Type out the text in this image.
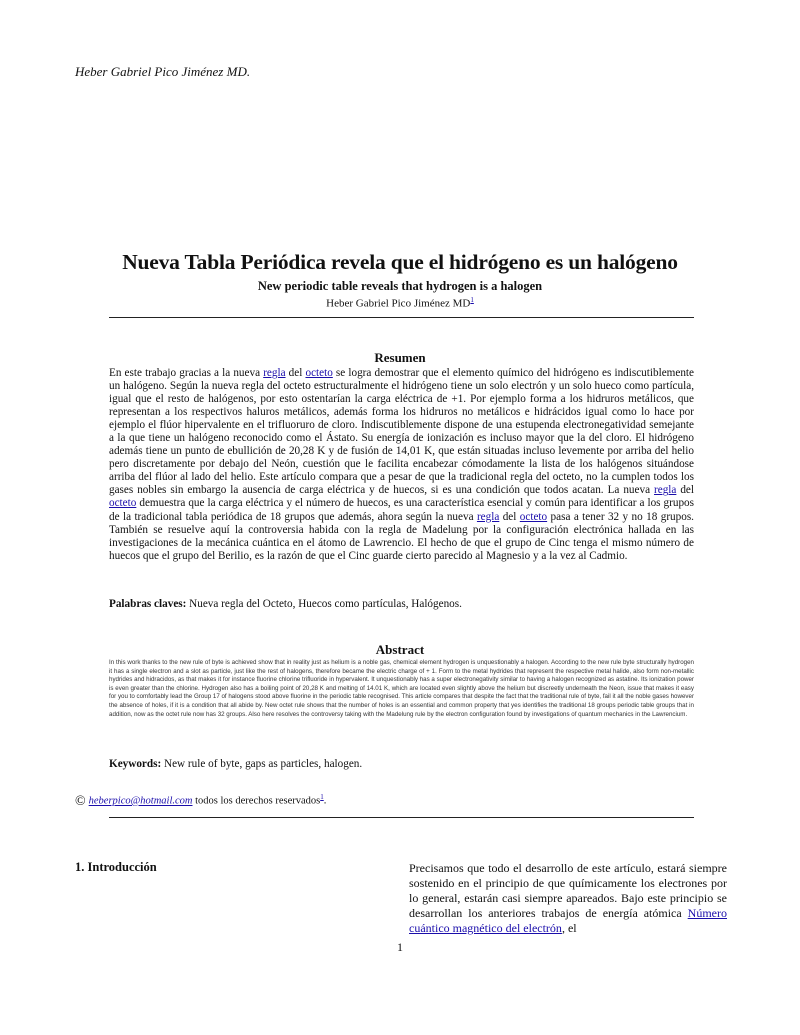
Heber Gabriel Pico Jiménez MD.
Nueva Tabla Periódica revela que el hidrógeno es un halógeno
New periodic table reveals that hydrogen is a halogen
Heber Gabriel Pico Jiménez $MD^1$
Resumen

En este trabajo gracias a la nueva regla del octeto se logra demostrar que el elemento químico del hidrógeno es indiscutiblemente un halógeno. Según la nueva regla del octeto estructuralmente el hidrógeno tiene un solo electrón y un solo hueco como partícula, igual que el resto de halógenos, por esto ostentarían la carga eléctrica de +1. Por ejemplo forma a los hidruros metálicos, que representan a los respectivos haluros metálicos, además forma los hidruros no metálicos e hidrácidos igual como lo hace por ejemplo el flúor hipervalente en el trifluoruro de cloro. Indiscutiblemente dispone de una estupenda electronegatividad semejante a la que tiene un halógeno reconocido como el Ástato. Su energía de ionización es incluso mayor que la del cloro. El hidrógeno además tiene un punto de ebullición de 20,28 K y de fusión de 14,01 K, que están situadas incluso levemente por arriba del helio pero discretamente por debajo del Neón, cuestión que le facilita encabezar cómodamente la lista de los halógenos situándose arriba del flúor al lado del helio. Este artículo compara que a pesar de que la tradicional regla del octeto, no la cumplen todos los gases nobles sin embargo la ausencia de carga eléctrica y de huecos, si es una condición que todos acatan. La nueva regla del octeto demuestra que la carga eléctrica y el número de huecos, es una característica esencial y común para identificar a los grupos de la tradicional tabla periódica de 18 grupos que además, ahora según la nueva regla del octeto pasa a tener 32 y no 18 grupos. También se resuelve aquí la controversia habida con la regla de Madelung por la configuración electrónica hallada en las investigaciones de la mecánica cuántica en el átomo de Lawrencio. El hecho de que el grupo de Cinc tenga el mismo número de huecos que el grupo del Berilio, es la razón de que el Cinc guarde cierto parecido al Magnesio y a la vez al Cadmio.

Palabras claves: Nueva regla del Octeto, Huecos como partículas, Halógenos.

Abstract

In this work thanks to the new rule of byte is achieved show that in reality just as helium is a noble gas, chemical element hydrogen is unquestionably a halogen. According to the new rule byte structurally hydrogen it has a single electron and a slot as particle, just like the rest of halogens, therefore became the electric charge of + 1. Form to the metal hydrides that represent the respective metal halide, also form non-metallic hydrides and hidracidos, as that makes it for instance fluorine chlorine trifluoride in hypervalent. It unquestionably has a super electronegativity similar to having a halogen recognized as astatine. Its ionization power is even greater than the chlorine. Hydrogen also has a boiling point of 20,28 K and melting of 14.01 K, which are located even slightly above the helium but discreetly underneath the Neon, issue that makes it easy for you to comfortably lead the Group 17 of halogens stood above fluorine in the periodic table recognised. This article compares that despite the fact that the traditional rule of byte, fail it all the noble gases however the absence of holes, if it is a condition that all abide by. New octet rule shows that the number of holes is an essential and common property that yes identifies the traditional 18 groups periodic table groups that in addition, now as the octet rule now has 32 groups. Also here resolves the controversy taking with the Madelung rule by the electron configuration found by investigations of quantum mechanics in the Lawrencium.

Keywords: New rule of byte, gaps as particles, halogen.

© heberpico@hotmail.com todos los derechos reservados$^1$.
1. Introducción	Precisamos que todo el desarrollo de este artículo, estará siempre sostenido en el principio de que químicamente los electrones por lo general, estarán casi siempre apareados. Bajo este principio se desarrollan los anteriores trabajos de energía atómica Número cuántico magnético del electrón, el

1
